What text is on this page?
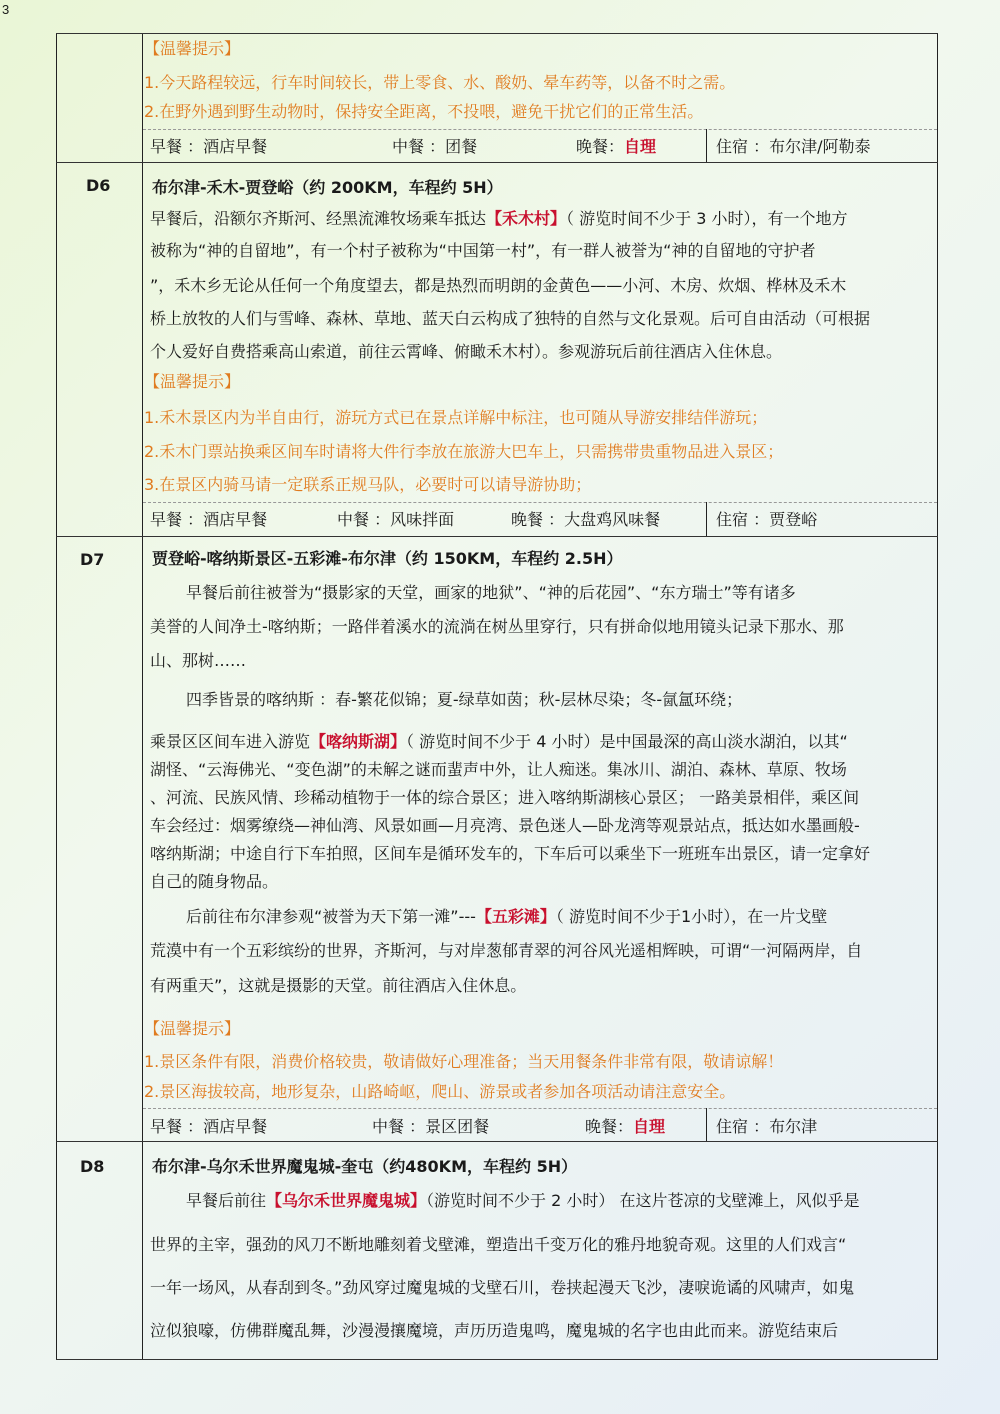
3
【温馨提示】
1.今天路程较远，行车时间较长，带上零食、水、酸奶、晕车药等，以备不时之需。
2.在野外遇到野生动物时，保持安全距离，不投喂，避免干扰它们的正常生活。
早餐 ：酒店早餐	中餐 ：团餐	晚餐：自理	住宿 ：布尔津/阿勒泰
D6	布尔津-禾木-贾登峪（约 200KM，车程约 5H）
早餐后，沿额尔齐斯河、经黑流滩牧场乘车抵达【禾木村】（ 游览时间不少于 3 小时），有一个地方
被称为“神的自留地”，有一个村子被称为“中国第一村”，有一群人被誉为“神的自留地的守护者
”，禾木乡无论从任何一个角度望去，都是热烈而明朗的金黄色——小河、木房、炊烟、桦林及禾木
桥上放牧的人们与雪峰、森林、草地、蓝天白云构成了独特的自然与文化景观。后可自由活动（可根据
个人爱好自费搭乘高山索道，前往云霄峰、俯瞰禾木村）。参观游玩后前往酒店入住休息。
【温馨提示】
1.禾木景区内为半自由行，游玩方式已在景点详解中标注，也可随从导游安排结伴游玩；
2.禾木门票站换乘区间车时请将大件行李放在旅游大巴车上，只需携带贵重物品进入景区；
3.在景区内骑马请一定联系正规马队，必要时可以请导游协助；
早餐 ：酒店早餐	中餐 ：风味拌面	晚餐 ：大盘鸡风味餐	住宿 ：贾登峪
D7	贾登峪-喀纳斯景区-五彩滩-布尔津（约 150KM，车程约 2.5H）
早餐后前往被誉为“摄影家的天堂，画家的地狱”、“神的后花园”、“东方瑞士”等有诸多
美誉的人间净土-喀纳斯；一路伴着溪水的流淌在树丛里穿行，只有拼命似地用镜头记录下那水、那
山、那树……
四季皆景的喀纳斯 ：春-繁花似锦；夏-绿草如茵；秋-层林尽染；冬-氤氲环绕；
乘景区区间车进入游览【喀纳斯湖】（ 游览时间不少于 4 小时）是中国最深的高山淡水湖泊，以其“
湖怪、“云海佛光、“变色湖”的未解之谜而蜚声中外，让人痴迷。集冰川、湖泊、森林、草原、牧场
、河流、民族风情、珍稀动植物于一体的综合景区；进入喀纳斯湖核心景区； 一路美景相伴，乘区间
车会经过：烟雾缭绕—神仙湾、风景如画—月亮湾、景色迷人—卧龙湾等观景站点，抵达如水墨画般-
喀纳斯湖；中途自行下车拍照，区间车是循环发车的，下车后可以乘坐下一班班车出景区，请一定拿好
自己的随身物品。
后前往布尔津参观“被誉为天下第一滩”---【五彩滩】（ 游览时间不少于1小时），在一片戈壁
荒漠中有一个五彩缤纷的世界，齐斯河，与对岸葱郁青翠的河谷风光遥相辉映，可谓“一河隔两岸，自
有两重天”，这就是摄影的天堂。前往酒店入住休息。
【温馨提示】
1.景区条件有限，消费价格较贵，敬请做好心理准备；当天用餐条件非常有限，敬请谅解！
2.景区海拔较高，地形复杂，山路崎岖，爬山、游景或者参加各项活动请注意安全。
早餐 ：酒店早餐	中餐 ：景区团餐	晚餐：自理	住宿 ：布尔津
D8	布尔津-乌尔禾世界魔鬼城-奎屯（约480KM，车程约 5H）
早餐后前往【乌尔禾世界魔鬼城】（游览时间不少于 2 小时） 在这片苍凉的戈壁滩上，风似乎是
世界的主宰，强劲的风刀不断地雕刻着戈壁滩，塑造出千变万化的雅丹地貌奇观。这里的人们戏言“
一年一场风，从春刮到冬。”劲风穿过魔鬼城的戈壁石川，卷挟起漫天飞沙，凄唳诡谲的风啸声，如鬼
泣似狼嚎，仿佛群魔乱舞，沙漫漫攘魔境，声历历造鬼鸣，魔鬼城的名字也由此而来。游览结束后
